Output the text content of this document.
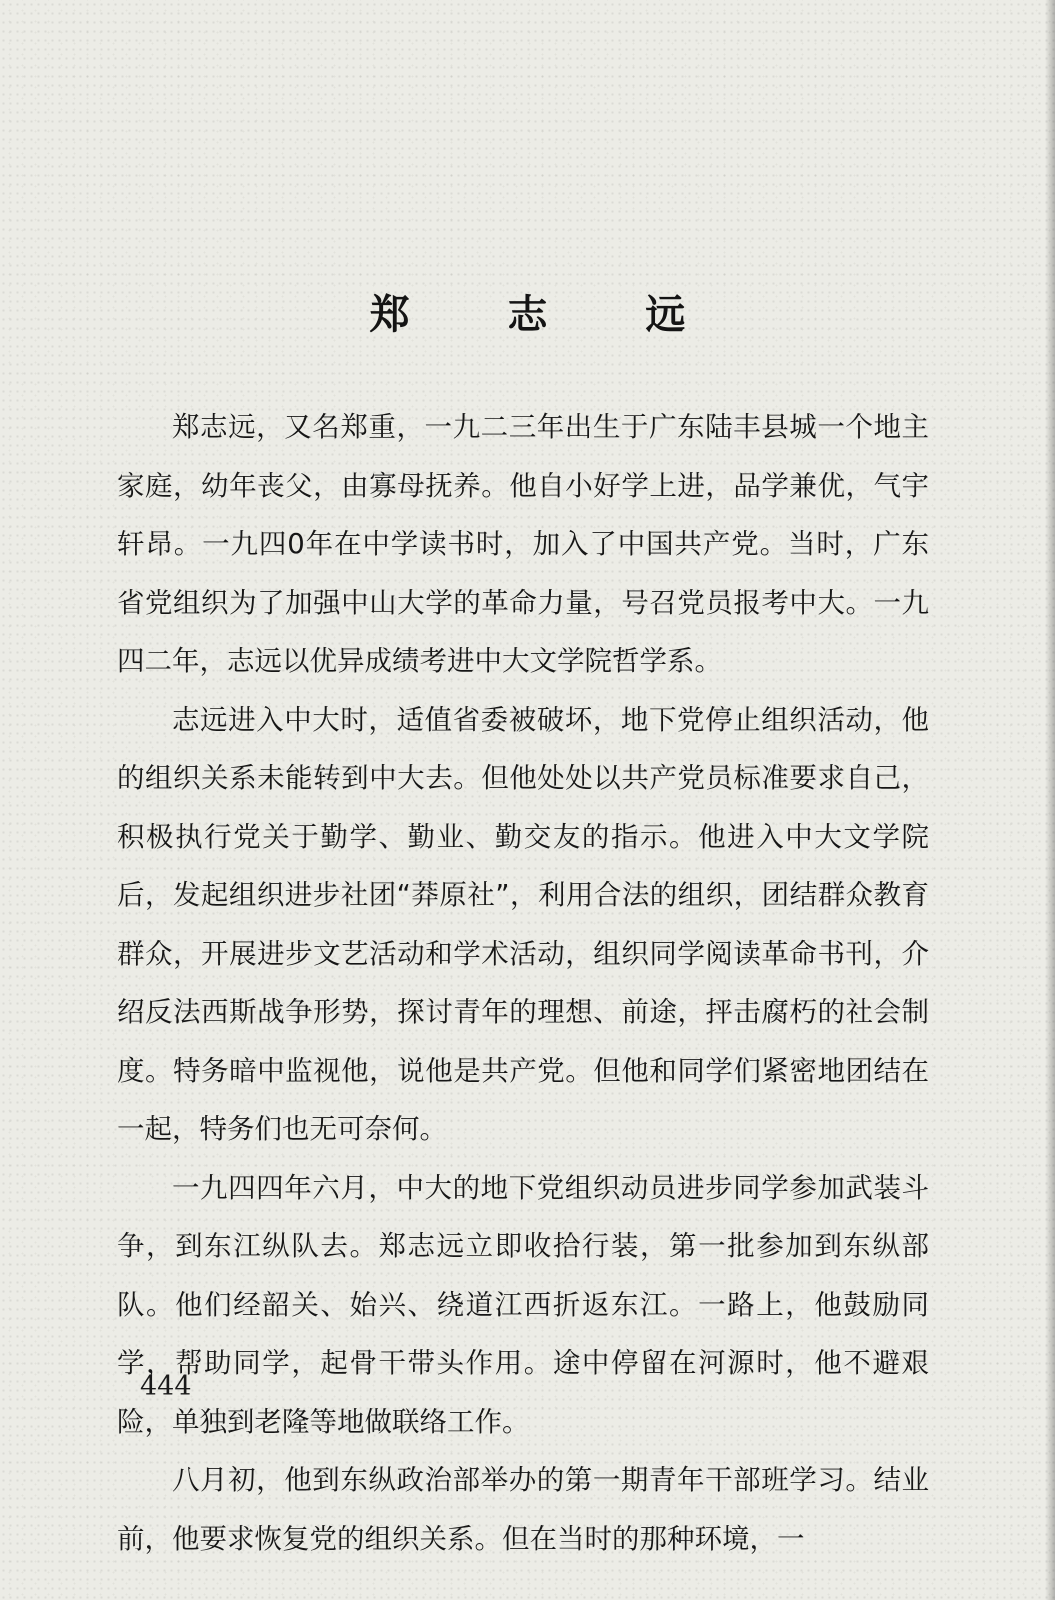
郑 志 远

郑志远，又名郑重，一九二三年出生于广东陆丰县城一个地主家庭，幼年丧父，由寡母抚养。他自小好学上进，品学兼优，气宇轩昂。一九四0年在中学读书时，加入了中国共产党。当时，广东省党组织为了加强中山大学的革命力量，号召党员报考中大。一九四二年，志远以优异成绩考进中大文学院哲学系。

志远进入中大时，适值省委被破坏，地下党停止组织活动，他的组织关系未能转到中大去。但他处处以共产党员标准要求自己，积极执行党关于勤学、勤业、勤交友的指示。他进入中大文学院后，发起组织进步社团“莽原社”，利用合法的组织，团结群众教育群众，开展进步文艺活动和学术活动，组织同学阅读革命书刊，介绍反法西斯战争形势，探讨青年的理想、前途，抨击腐朽的社会制度。特务暗中监视他，说他是共产党。但他和同学们紧密地团结在一起，特务们也无可奈何。

一九四四年六月，中大的地下党组织动员进步同学参加武装斗争，到东江纵队去。郑志远立即收拾行装，第一批参加到东纵部队。他们经韶关、始兴、绕道江西折返东江。一路上，他鼓励同学，帮助同学，起骨干带头作用。途中停留在河源时，他不避艰险，单独到老隆等地做联络工作。

八月初，他到东纵政治部举办的第一期青年干部班学习。结业前，他要求恢复党的组织关系。但在当时的那种环境，一

444
